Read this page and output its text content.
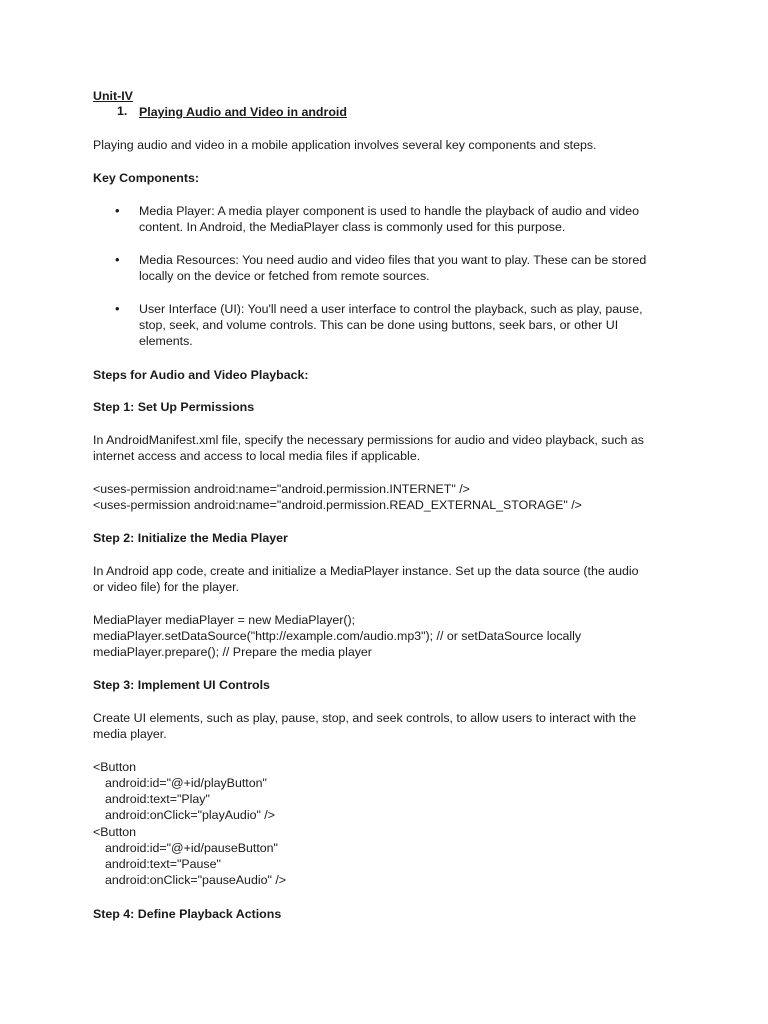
Unit-IV
1. Playing Audio and Video in android
Playing audio and video in a mobile application involves several key components and steps.
Key Components:
• Media Player: A media player component is used to handle the playback of audio and video
content. In Android, the MediaPlayer class is commonly used for this purpose.
• Media Resources: You need audio and video files that you want to play. These can be stored
locally on the device or fetched from remote sources.
• User Interface (UI): You'll need a user interface to control the playback, such as play, pause,
stop, seek, and volume controls. This can be done using buttons, seek bars, or other UI
elements.
Steps for Audio and Video Playback:
Step 1: Set Up Permissions
In AndroidManifest.xml file, specify the necessary permissions for audio and video playback, such as
internet access and access to local media files if applicable.
<uses-permission android:name="android.permission.INTERNET" />
<uses-permission android:name="android.permission.READ_EXTERNAL_STORAGE" />
Step 2: Initialize the Media Player
In Android app code, create and initialize a MediaPlayer instance. Set up the data source (the audio
or video file) for the player.
MediaPlayer mediaPlayer = new MediaPlayer();
mediaPlayer.setDataSource("http://example.com/audio.mp3"); // or setDataSource locally
mediaPlayer.prepare(); // Prepare the media player
Step 3: Implement UI Controls
Create UI elements, such as play, pause, stop, and seek controls, to allow users to interact with the
media player.
<Button
android:id="@+id/playButton"
android:text="Play"
android:onClick="playAudio" />
<Button
android:id="@+id/pauseButton"
android:text="Pause"
android:onClick="pauseAudio" />
Step 4: Define Playback Actions
